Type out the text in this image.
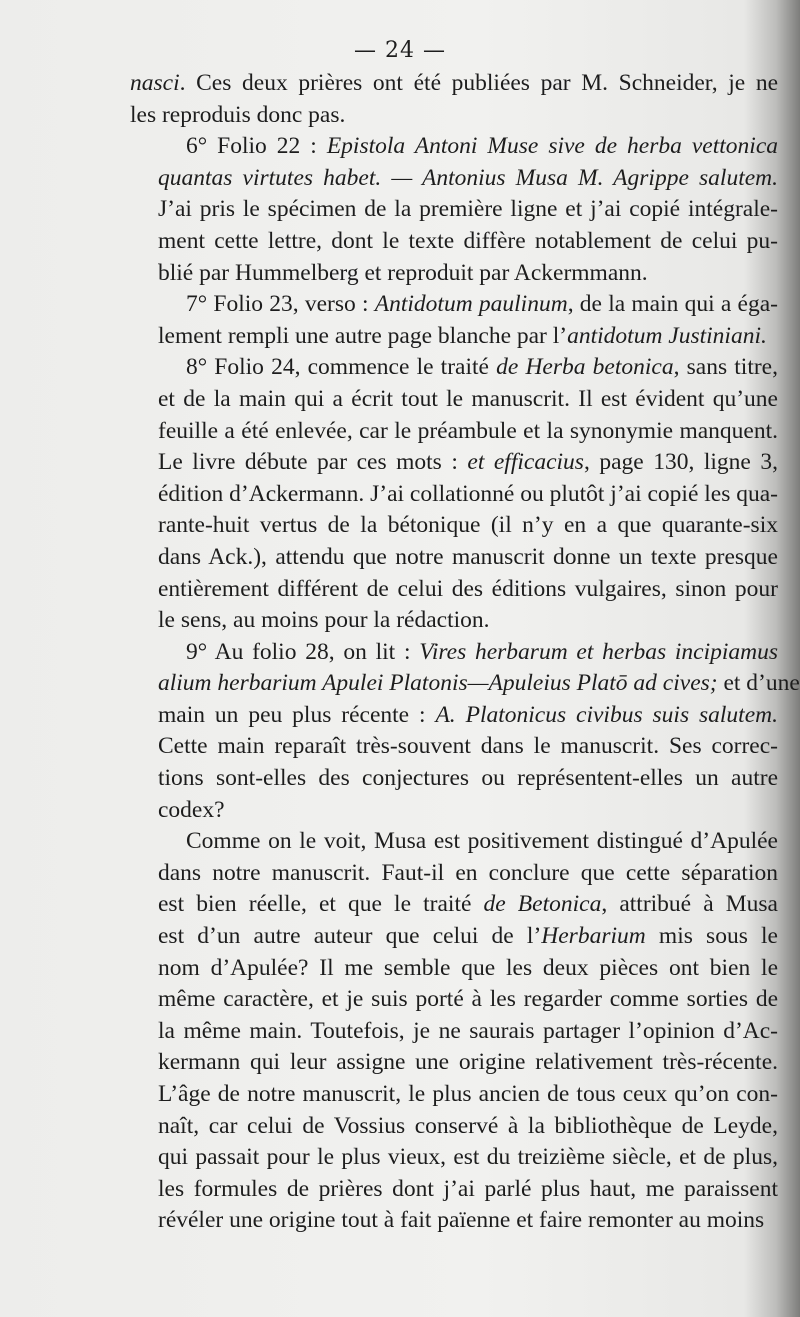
— 24 —

nasci. Ces deux prières ont été publiées par M. Schneider, je ne
les reproduis donc pas.

6° Folio 22 : Epistola Antoni Muse sive de herba vettonica
quantas virtutes habet. — Antonius Musa M. Agrippe salutem.
J’ai pris le spécimen de la première ligne et j’ai copié intégrale-
ment cette lettre, dont le texte diffère notablement de celui pu-
blié par Hummelberg et reproduit par Ackermmann.

7° Folio 23, verso : Antidotum paulinum, de la main qui a éga-
lement rempli une autre page blanche par l’antidotum Justiniani.

8° Folio 24, commence le traité de Herba betonica, sans titre,
et de la main qui a écrit tout le manuscrit. Il est évident qu’une
feuille a été enlevée, car le préambule et la synonymie manquent.
Le livre débute par ces mots : et efficacius, page 130, ligne 3,
édition d’Ackermann. J’ai collationné ou plutôt j’ai copié les qua-
rante-huit vertus de la bétonique (il n’y en a que quarante-six
dans Ack.), attendu que notre manuscrit donne un texte presque
entièrement différent de celui des éditions vulgaires, sinon pour
le sens, au moins pour la rédaction.

9° Au folio 28, on lit : Vires herbarum et herbas incipiamus
alium herbarium Apulei Platonis—Apuleius Platō ad cives; et d’une
main un peu plus récente : A. Platonicus civibus suis salutem.
Cette main reparaît très-souvent dans le manuscrit. Ses correc-
tions sont-elles des conjectures ou représentent-elles un autre
codex?

Comme on le voit, Musa est positivement distingué d’Apulée
dans notre manuscrit. Faut-il en conclure que cette séparation
est bien réelle, et que le traité de Betonica, attribué à Musa
est d’un autre auteur que celui de l’Herbarium mis sous le
nom d’Apulée? Il me semble que les deux pièces ont bien le
même caractère, et je suis porté à les regarder comme sorties de
la même main. Toutefois, je ne saurais partager l’opinion d’Ac-
kermann qui leur assigne une origine relativement très-récente.
L’âge de notre manuscrit, le plus ancien de tous ceux qu’on con-
naît, car celui de Vossius conservé à la bibliothèque de Leyde,
qui passait pour le plus vieux, est du treizième siècle, et de plus,
les formules de prières dont j’ai parlé plus haut, me paraissent
révéler une origine tout à fait païenne et faire remonter au moins
